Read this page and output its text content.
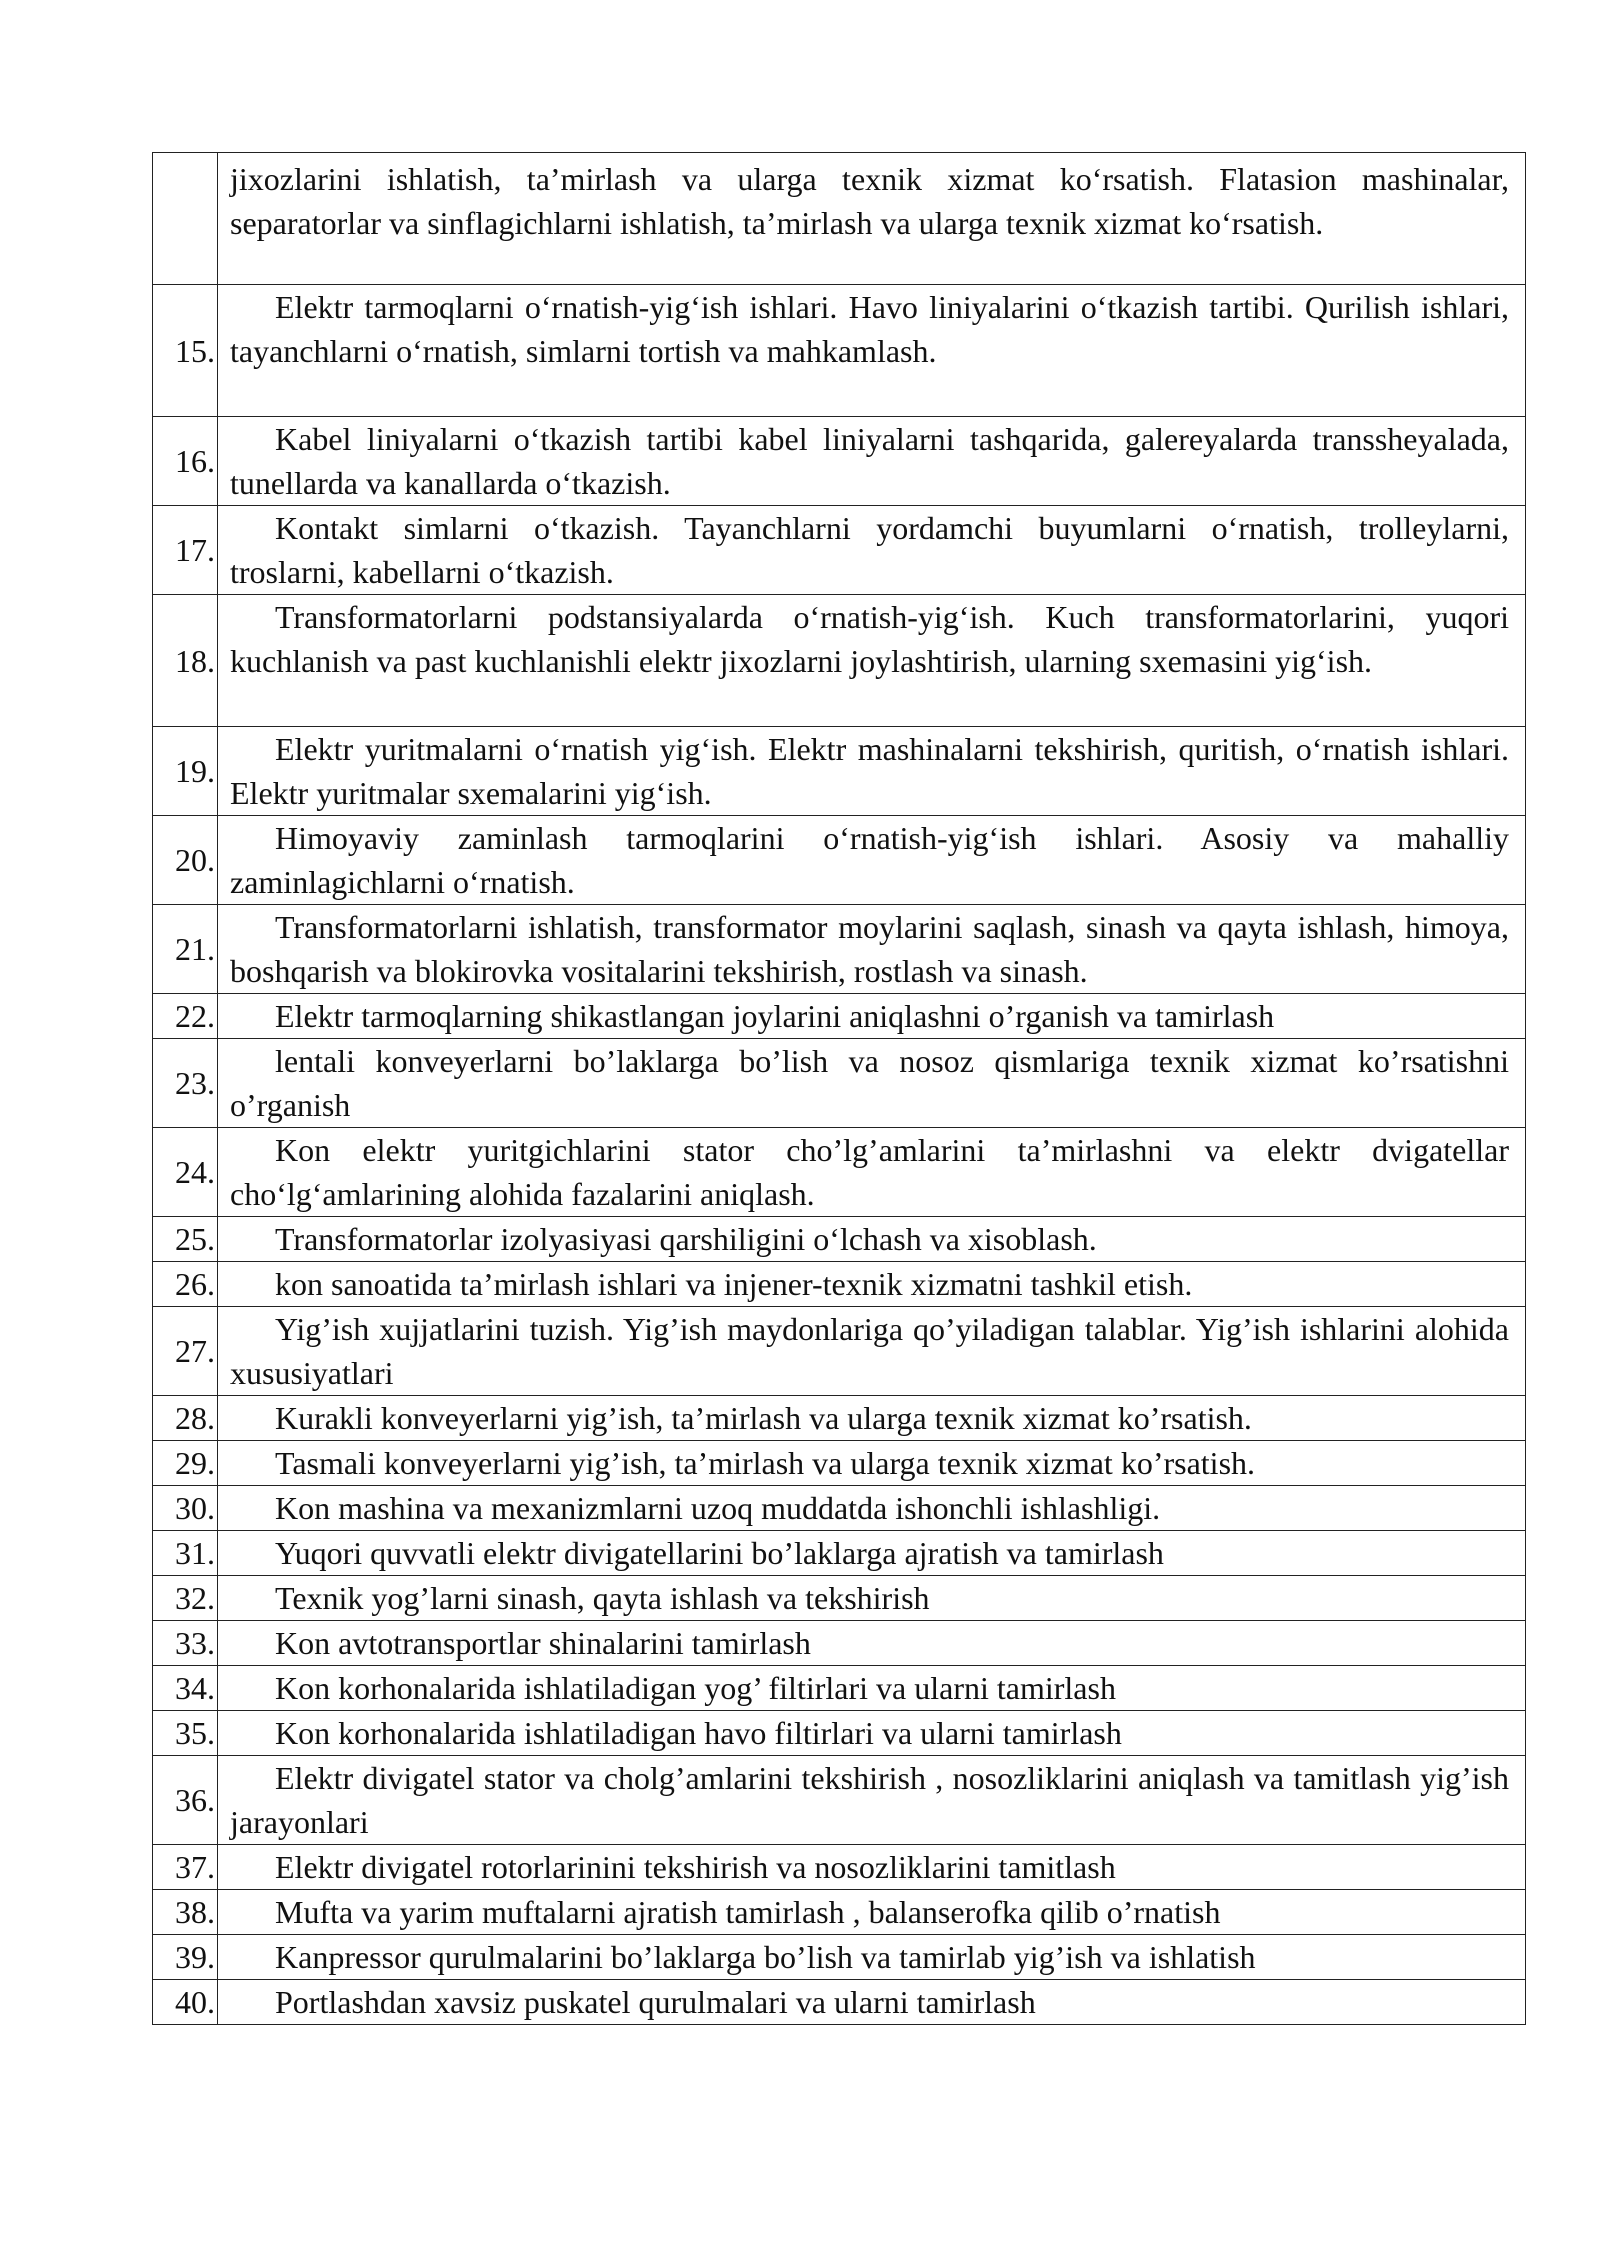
	jixozlarini ishlatish, ta’mirlash va ularga texnik xizmat ko‘rsatish. Flatasion mashinalar, separatorlar va sinflagichlarni ishlatish, ta’mirlash va ularga texnik xizmat ko‘rsatish.
15.	Elektr tarmoqlarni o‘rnatish-yig‘ish ishlari. Havo liniyalarini o‘tkazish tartibi. Qurilish ishlari, tayanchlarni o‘rnatish, simlarni tortish va mahkamlash.
16.	Kabel liniyalarni o‘tkazish tartibi kabel liniyalarni tashqarida, galereyalarda transsheyalada, tunellarda va kanallarda o‘tkazish.
17.	Kontakt simlarni o‘tkazish. Tayanchlarni yordamchi buyumlarni o‘rnatish, trolleylarni, troslarni, kabellarni o‘tkazish.
18.	Transformatorlarni podstansiyalarda o‘rnatish-yig‘ish. Kuch transformatorlarini, yuqori kuchlanish va past kuchlanishli elektr jixozlarni joylashtirish, ularning sxemasini yig‘ish.
19.	Elektr yuritmalarni o‘rnatish yig‘ish. Elektr mashinalarni tekshirish, quritish, o‘rnatish ishlari. Elektr yuritmalar sxemalarini yig‘ish.
20.	Himoyaviy zaminlash tarmoqlarini o‘rnatish-yig‘ish ishlari. Asosiy va mahalliy zaminlagichlarni o‘rnatish.
21.	Transformatorlarni ishlatish, transformator moylarini saqlash, sinash va qayta ishlash, himoya, boshqarish va blokirovka vositalarini tekshirish, rostlash va sinash.
22.	Elektr tarmoqlarning shikastlangan joylarini aniqlashni o’rganish va tamirlash
23.	lentali konveyerlarni bo’laklarga bo’lish va nosoz qismlariga texnik xizmat ko’rsatishni o’rganish
24.	Kon elektr yuritgichlarini stator cho’lg’amlarini ta’mirlashni va elektr dvigatellar cho‘lg‘amlarining alohida fazalarini aniqlash.
25.	Transformatorlar izolyasiyasi qarshiligini o‘lchash va xisoblash.
26.	kon sanoatida ta’mirlash ishlari va injener-texnik xizmatni tashkil etish.
27.	Yig’ish xujjatlarini tuzish. Yig’ish maydonlariga qo’yiladigan talablar. Yig’ish ishlarini alohida xususiyatlari
28.	Kurakli konveyerlarni yig’ish, ta’mirlash va ularga texnik xizmat ko’rsatish.
29.	Tasmali konveyerlarni yig’ish, ta’mirlash va ularga texnik xizmat ko’rsatish.
30.	Kon mashina va mexanizmlarni uzoq muddatda ishonchli ishlashligi.
31.	Yuqori quvvatli elektr divigatellarini bo’laklarga ajratish va tamirlash
32.	Texnik yog’larni sinash, qayta ishlash va tekshirish
33.	Kon avtotransportlar shinalarini tamirlash
34.	Kon korhonalarida ishlatiladigan yog’ filtirlari va ularni tamirlash
35.	Kon korhonalarida ishlatiladigan havo filtirlari va ularni tamirlash
36.	Elektr divigatel stator va cholg’amlarini tekshirish , nosozliklarini aniqlash va tamitlash yig’ish jarayonlari
37.	Elektr divigatel rotorlarinini tekshirish va nosozliklarini tamitlash
38.	Mufta va yarim muftalarni ajratish tamirlash , balanserofka qilib o’rnatish
39.	Kanpressor qurulmalarini bo’laklarga bo’lish va tamirlab yig’ish va ishlatish
40.	Portlashdan xavsiz puskatel qurulmalari va ularni tamirlash
